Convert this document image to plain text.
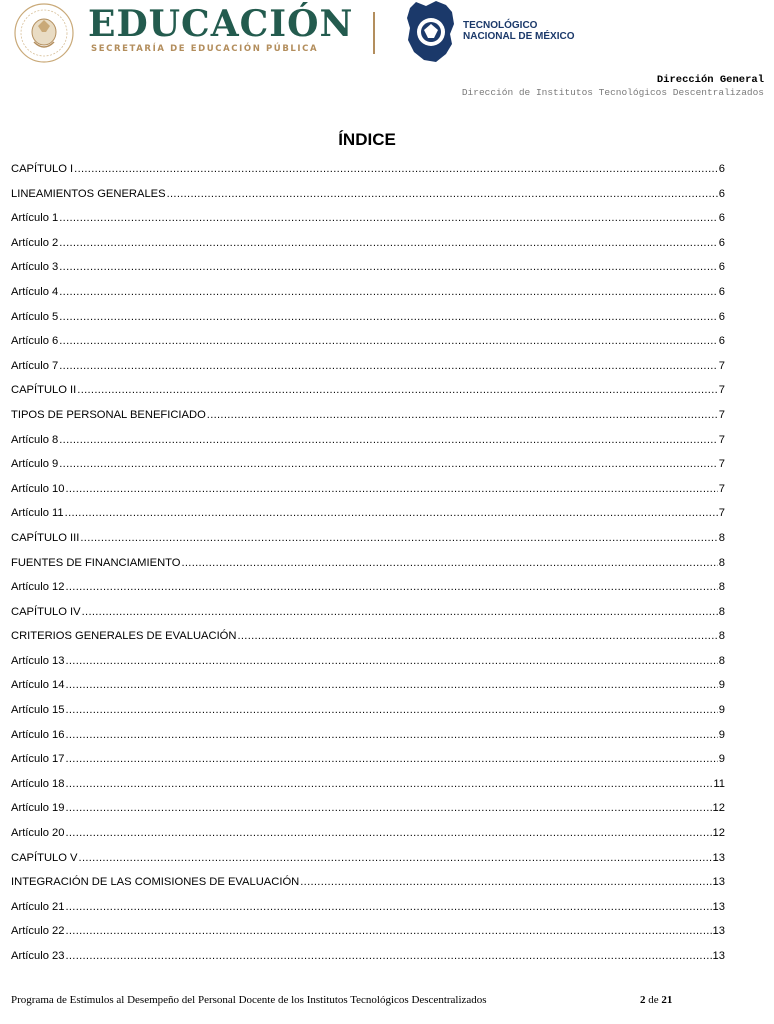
EDUCACIÓN
SECRETARÍA DE EDUCACIÓN PÚBLICA
TECNOLÓGICO
NACIONAL DE MÉXICO
Dirección General
Dirección de Institutos Tecnológicos Descentralizados
ÍNDICE
CAPÍTULO I .....	6
LINEAMIENTOS GENERALES .....	6
Artículo 1 .....	6
Artículo 2 .....	6
Artículo 3 .....	6
Artículo 4 .....	6
Artículo 5 .....	6
Artículo 6 .....	6
Artículo 7 .....	7
CAPÍTULO II .....	7
TIPOS DE PERSONAL BENEFICIADO .....	7
Artículo 8 .....	7
Artículo 9 .....	7
Artículo 10 .....	7
Artículo 11 .....	7
CAPÍTULO III .....	8
FUENTES DE FINANCIAMIENTO .....	8
Artículo 12 .....	8
CAPÍTULO IV .....	8
CRITERIOS GENERALES DE EVALUACIÓN .....	8
Artículo 13 .....	8
Artículo 14 .....	9
Artículo 15 .....	9
Artículo 16 .....	9
Artículo 17 .....	9
Artículo 18 .....	11
Artículo 19 .....	12
Artículo 20 .....	12
CAPÍTULO V .....	13
INTEGRACIÓN DE LAS COMISIONES DE EVALUACIÓN .....	13
Artículo 21 .....	13
Artículo 22 .....	13
Artículo 23 .....	13
Programa de Estímulos al Desempeño del Personal Docente de los Institutos Tecnológicos Descentralizados	2 de 21
